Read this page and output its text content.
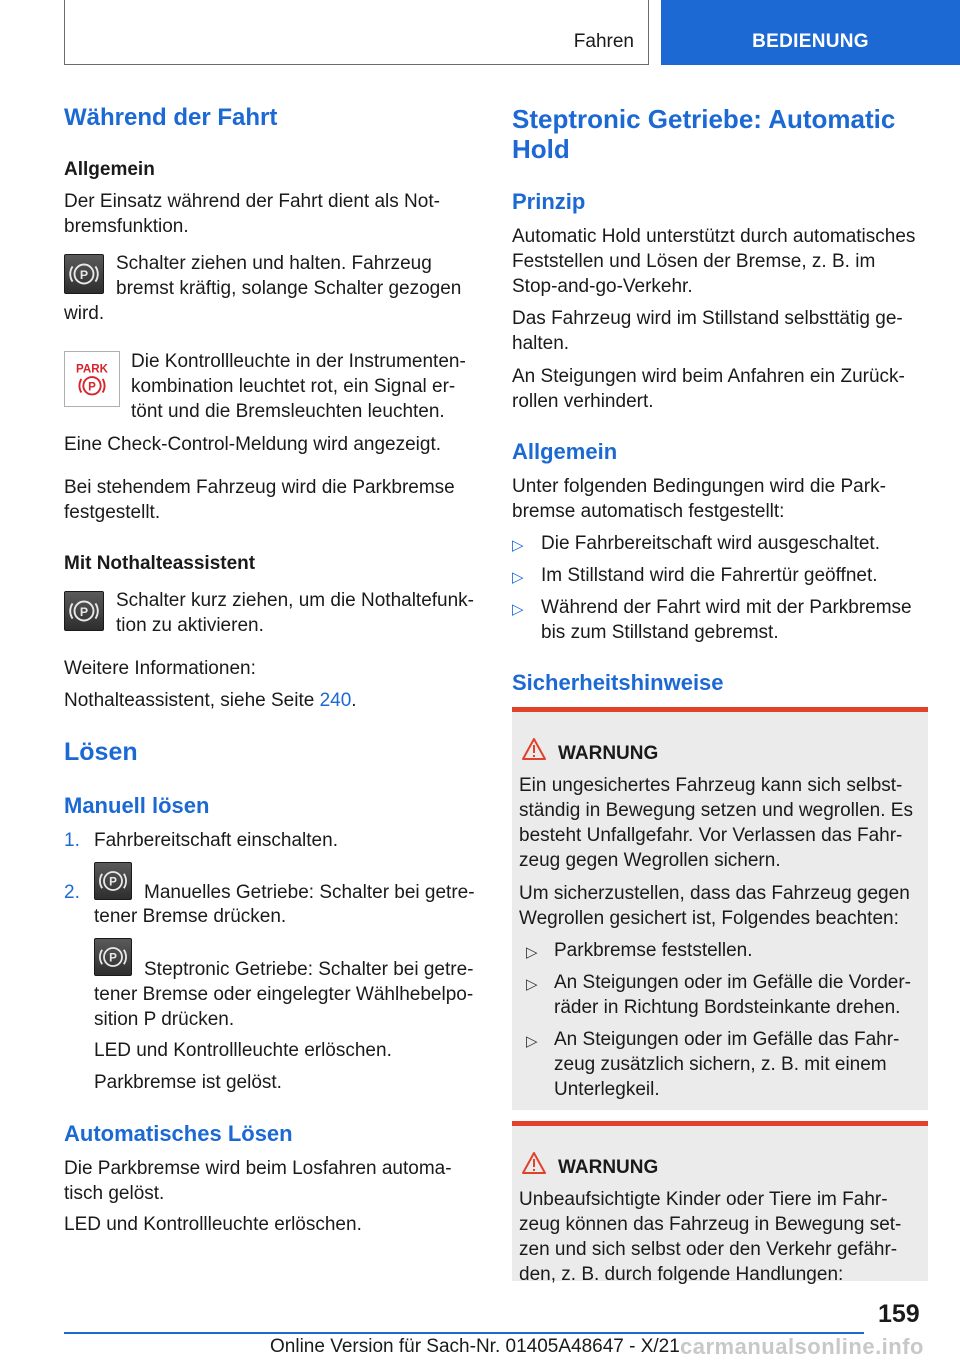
Fahren	BEDIENUNG
Während der Fahrt

Allgemein

Der Einsatz während der Fahrt dient als Not-

bremsfunktion.

P

Schalter ziehen und halten. Fahrzeug

bremst kräftig, solange Schalter gezogen

wird.

PARK
P

Die Kontrollleuchte in der Instrumenten-

kombination leuchtet rot, ein Signal er-

tönt und die Bremsleuchten leuchten.

Eine Check-Control-Meldung wird angezeigt.

Bei stehendem Fahrzeug wird die Parkbremse

festgestellt.

Mit Nothalteassistent

P

Schalter kurz ziehen, um die Nothaltefunk-

tion zu aktivieren.

Weitere Informationen:

Nothalteassistent, siehe Seite 240.

Lösen
Manuell lösen

1. Fahrbereitschaft einschalten.

2. P Manuelles Getriebe: Schalter bei getre-

tener Bremse drücken.

P

Steptronic Getriebe: Schalter bei getre-

tener Bremse oder eingelegter Wählhebelpo-

sition P drücken.

LED und Kontrollleuchte erlöschen.

Parkbremse ist gelöst.

Automatisches Lösen

Die Parkbremse wird beim Losfahren automa-

tisch gelöst.

LED und Kontrollleuchte erlöschen.

Steptronic Getriebe: Automatic
Hold
Prinzip

Automatic Hold unterstützt durch automatisches

Feststellen und Lösen der Bremse, z. B. im

Stop-and-go-Verkehr.

Das Fahrzeug wird im Stillstand selbsttätig ge-

halten.

An Steigungen wird beim Anfahren ein Zurück-

rollen verhindert.

Allgemein

Unter folgenden Bedingungen wird die Park-

bremse automatisch festgestellt:

▷ Die Fahrbereitschaft wird ausgeschaltet.

▷ Im Stillstand wird die Fahrertür geöffnet.

▷ Während der Fahrt wird mit der Parkbremse

bis zum Stillstand gebremst.

Sicherheitshinweise

WARNUNG

Ein ungesichertes Fahrzeug kann sich selbst-

ständig in Bewegung setzen und wegrollen. Es

besteht Unfallgefahr. Vor Verlassen das Fahr-

zeug gegen Wegrollen sichern.

Um sicherzustellen, dass das Fahrzeug gegen

Wegrollen gesichert ist, Folgendes beachten:

▷ Parkbremse feststellen.

▷ An Steigungen oder im Gefälle die Vorder-

räder in Richtung Bordsteinkante drehen.

▷ An Steigungen oder im Gefälle das Fahr-

zeug zusätzlich sichern, z. B. mit einem

Unterlegkeil.

WARNUNG

Unbeaufsichtigte Kinder oder Tiere im Fahr-

zeug können das Fahrzeug in Bewegung set-

zen und sich selbst oder den Verkehr gefähr-

den, z. B. durch folgende Handlungen:

159
Online Version für Sach-Nr. 01405A48647 - X/21 carmanualsonline.info
